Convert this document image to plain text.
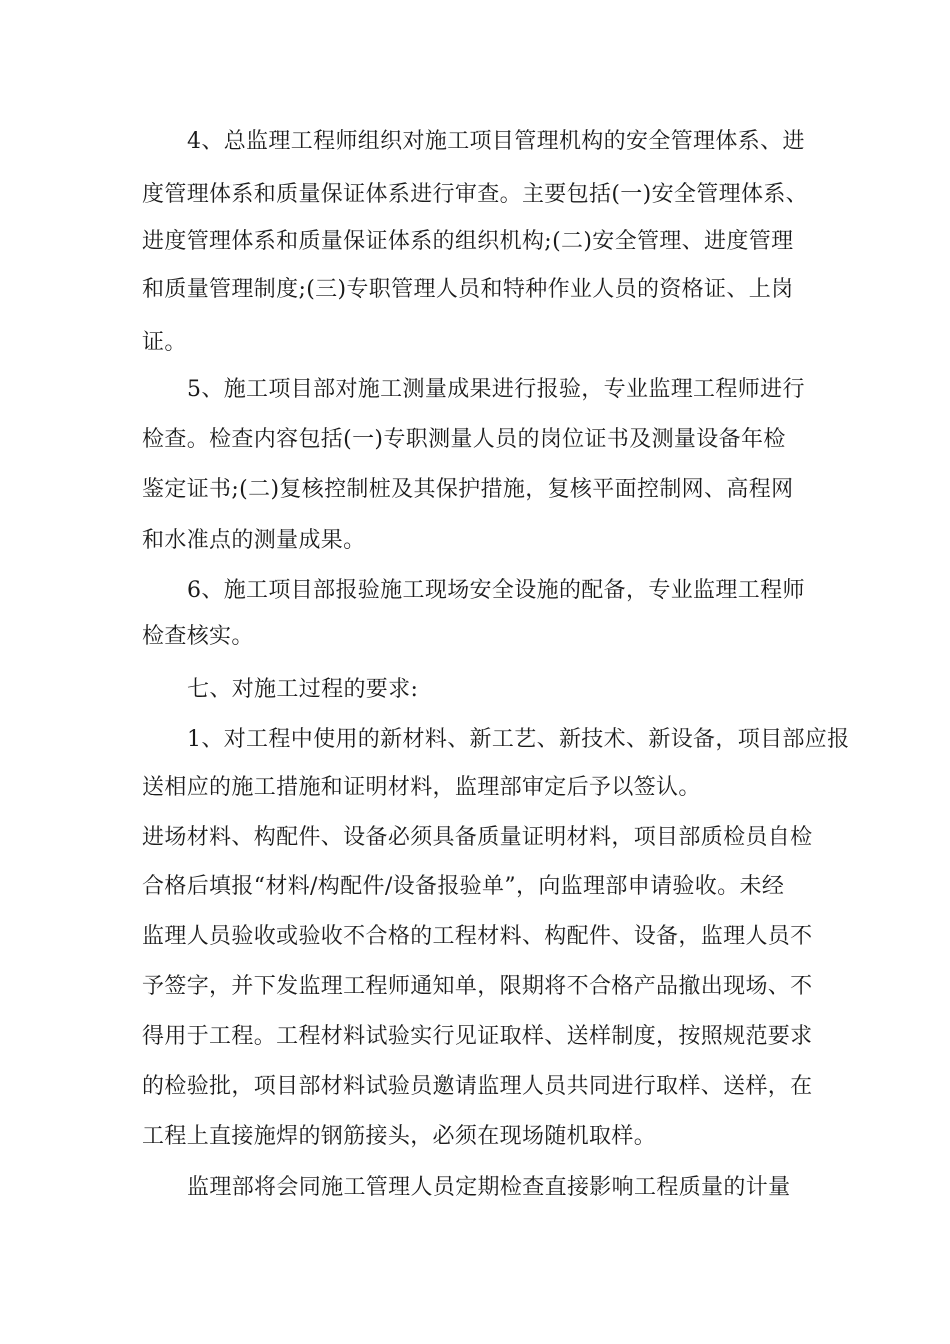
4、总监理工程师组织对施工项目管理机构的安全管理体系、进
度管理体系和质量保证体系进行审查。主要包括(一)安全管理体系、
进度管理体系和质量保证体系的组织机构;(二)安全管理、进度管理
和质量管理制度;(三)专职管理人员和特种作业人员的资格证、上岗
证。
5、施工项目部对施工测量成果进行报验，专业监理工程师进行
检查。检查内容包括(一)专职测量人员的岗位证书及测量设备年检
鉴定证书;(二)复核控制桩及其保护措施，复核平面控制网、高程网
和水准点的测量成果。
6、施工项目部报验施工现场安全设施的配备，专业监理工程师
检查核实。
七、对施工过程的要求:
1、对工程中使用的新材料、新工艺、新技术、新设备，项目部应报
送相应的施工措施和证明材料，监理部审定后予以签认。
进场材料、构配件、设备必须具备质量证明材料，项目部质检员自检
合格后填报“材料/构配件/设备报验单”，向监理部申请验收。未经
监理人员验收或验收不合格的工程材料、构配件、设备，监理人员不
予签字，并下发监理工程师通知单，限期将不合格产品撤出现场、不
得用于工程。工程材料试验实行见证取样、送样制度，按照规范要求
的检验批，项目部材料试验员邀请监理人员共同进行取样、送样，在
工程上直接施焊的钢筋接头，必须在现场随机取样。
监理部将会同施工管理人员定期检查直接影响工程质量的计量
